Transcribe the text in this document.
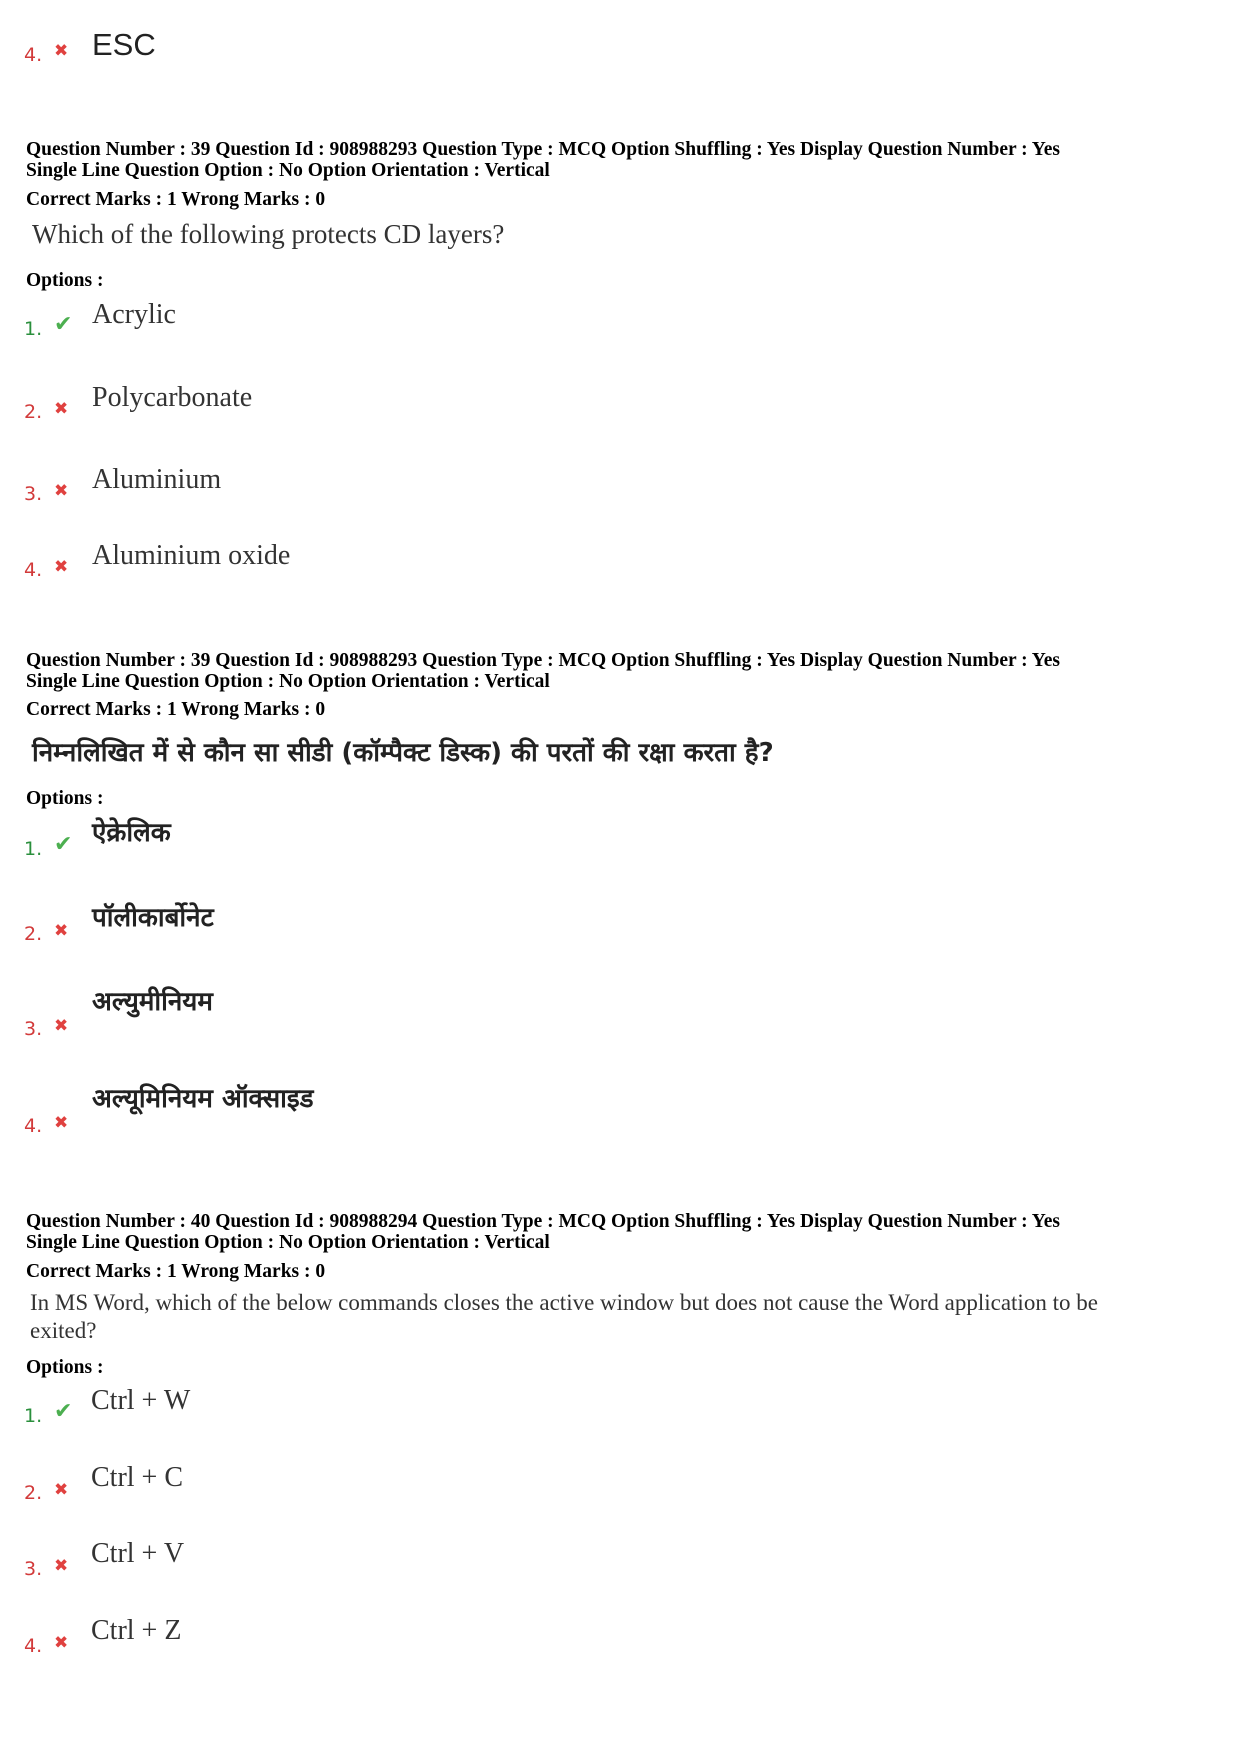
4. ✖ ESC
Question Number : 39 Question Id : 908988293 Question Type : MCQ Option Shuffling : Yes Display Question Number : Yes
Single Line Question Option : No Option Orientation : Vertical
Correct Marks : 1 Wrong Marks : 0
Which of the following protects CD layers?
Options :
1. ✔ Acrylic
2. ✖ Polycarbonate
3. ✖ Aluminium
4. ✖ Aluminium oxide
Question Number : 39 Question Id : 908988293 Question Type : MCQ Option Shuffling : Yes Display Question Number : Yes
Single Line Question Option : No Option Orientation : Vertical
Correct Marks : 1 Wrong Marks : 0
निम्नलिखित में से कौन सा सीडी (कॉम्पैक्ट डिस्क) की परतों की रक्षा करता है?
Options :
1. ✔ ऐक्रेलिक
2. ✖ पॉलीकार्बोनेट
3. ✖
अल्युमीनियम
4. ✖
अल्यूमिनियम ऑक्साइड
Question Number : 40 Question Id : 908988294 Question Type : MCQ Option Shuffling : Yes Display Question Number : Yes
Single Line Question Option : No Option Orientation : Vertical
Correct Marks : 1 Wrong Marks : 0
In MS Word, which of the below commands closes the active window but does not cause the Word application to be
exited?
Options :
1. ✔ Ctrl + W
2. ✖ Ctrl + C
3. ✖ Ctrl + V
4. ✖ Ctrl + Z
